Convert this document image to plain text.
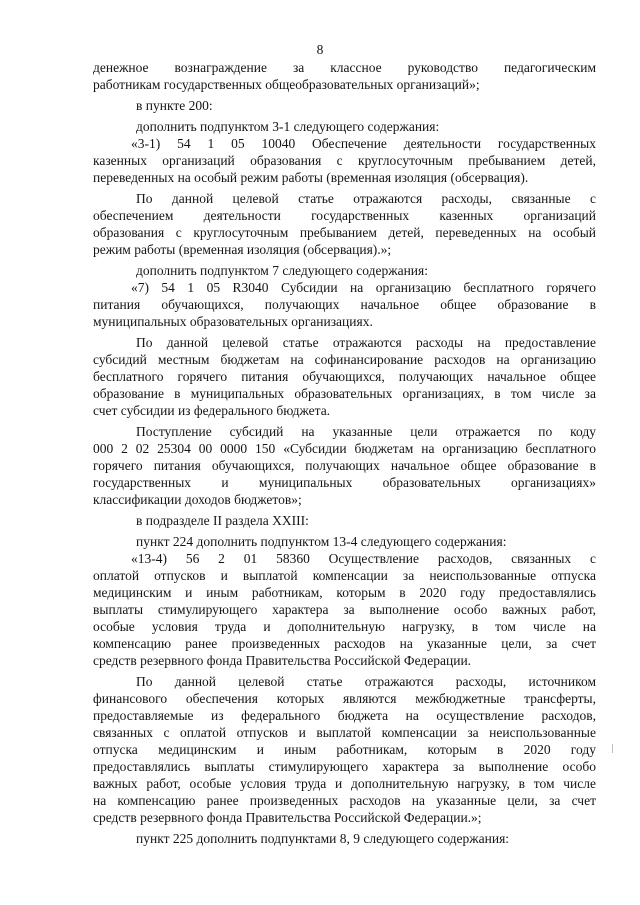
8
денежное вознаграждение за классное руководство педагогическим
работникам государственных общеобразовательных организаций»;
в пункте 200:
дополнить подпунктом 3-1 следующего содержания:
«3-1) 54 1 05 10040 Обеспечение деятельности государственных
казенных организаций образования с круглосуточным пребыванием детей,
переведенных на особый режим работы (временная изоляция (обсервация).
По данной целевой статье отражаются расходы, связанные с
обеспечением деятельности государственных казенных организаций
образования с круглосуточным пребыванием детей, переведенных на особый
режим работы (временная изоляция (обсервация).»;
дополнить подпунктом 7 следующего содержания:
«7) 54 1 05 R3040 Субсидии на организацию бесплатного горячего
питания обучающихся, получающих начальное общее образование в
муниципальных образовательных организациях.
По данной целевой статье отражаются расходы на предоставление
субсидий местным бюджетам на софинансирование расходов на организацию
бесплатного горячего питания обучающихся, получающих начальное общее
образование в муниципальных образовательных организациях, в том числе за
счет субсидии из федерального бюджета.
Поступление субсидий на указанные цели отражается по коду
000 2 02 25304 00 0000 150 «Субсидии бюджетам на организацию бесплатного
горячего питания обучающихся, получающих начальное общее образование в
государственных и муниципальных образовательных организациях»
классификации доходов бюджетов»;
в подразделе II раздела XXIII:
пункт 224 дополнить подпунктом 13-4 следующего содержания:
«13-4) 56 2 01 58360 Осуществление расходов, связанных с
оплатой отпусков и выплатой компенсации за неиспользованные отпуска
медицинским и иным работникам, которым в 2020 году предоставлялись
выплаты стимулирующего характера за выполнение особо важных работ,
особые условия труда и дополнительную нагрузку, в том числе на
компенсацию ранее произведенных расходов на указанные цели, за счет
средств резервного фонда Правительства Российской Федерации.
По данной целевой статье отражаются расходы, источником
финансового обеспечения которых являются межбюджетные трансферты,
предоставляемые из федерального бюджета на осуществление расходов,
связанных с оплатой отпусков и выплатой компенсации за неиспользованные
отпуска медицинским и иным работникам, которым в 2020 году
предоставлялись выплаты стимулирующего характера за выполнение особо
важных работ, особые условия труда и дополнительную нагрузку, в том числе
на компенсацию ранее произведенных расходов на указанные цели, за счет
средств резервного фонда Правительства Российской Федерации.»;
пункт 225 дополнить подпунктами 8, 9 следующего содержания:
